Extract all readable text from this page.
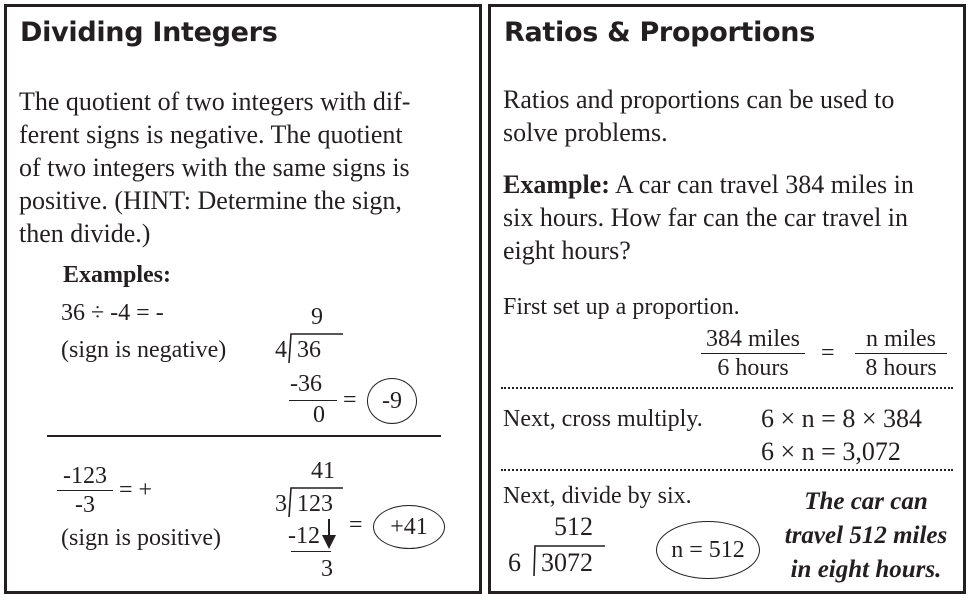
Dividing Integers
The quotient of two integers with dif-
ferent signs is negative. The quotient
of two integers with the same signs is
positive. (HINT: Determine the sign,
then divide.)
Examples:
36 ÷ -4 = -
(sign is negative)
9
4 36
-36
0
= -9
$\frac{-123}{-3}$ = +
(sign is positive)
41
3 123
-12
3
= +41
Ratios & Proportions
Ratios and proportions can be used to
solve problems.
Example: A car can travel 384 miles in
six hours. How far can the car travel in
eight hours?
First set up a proportion.
384 miles
6 hours
=
n miles
8 hours
Next, cross multiply. 6 × n = 8 × 384
6 × n = 3,072
Next, divide by six.
512
6 3072	n = 512
The car can
travel 512 miles
in eight hours.
